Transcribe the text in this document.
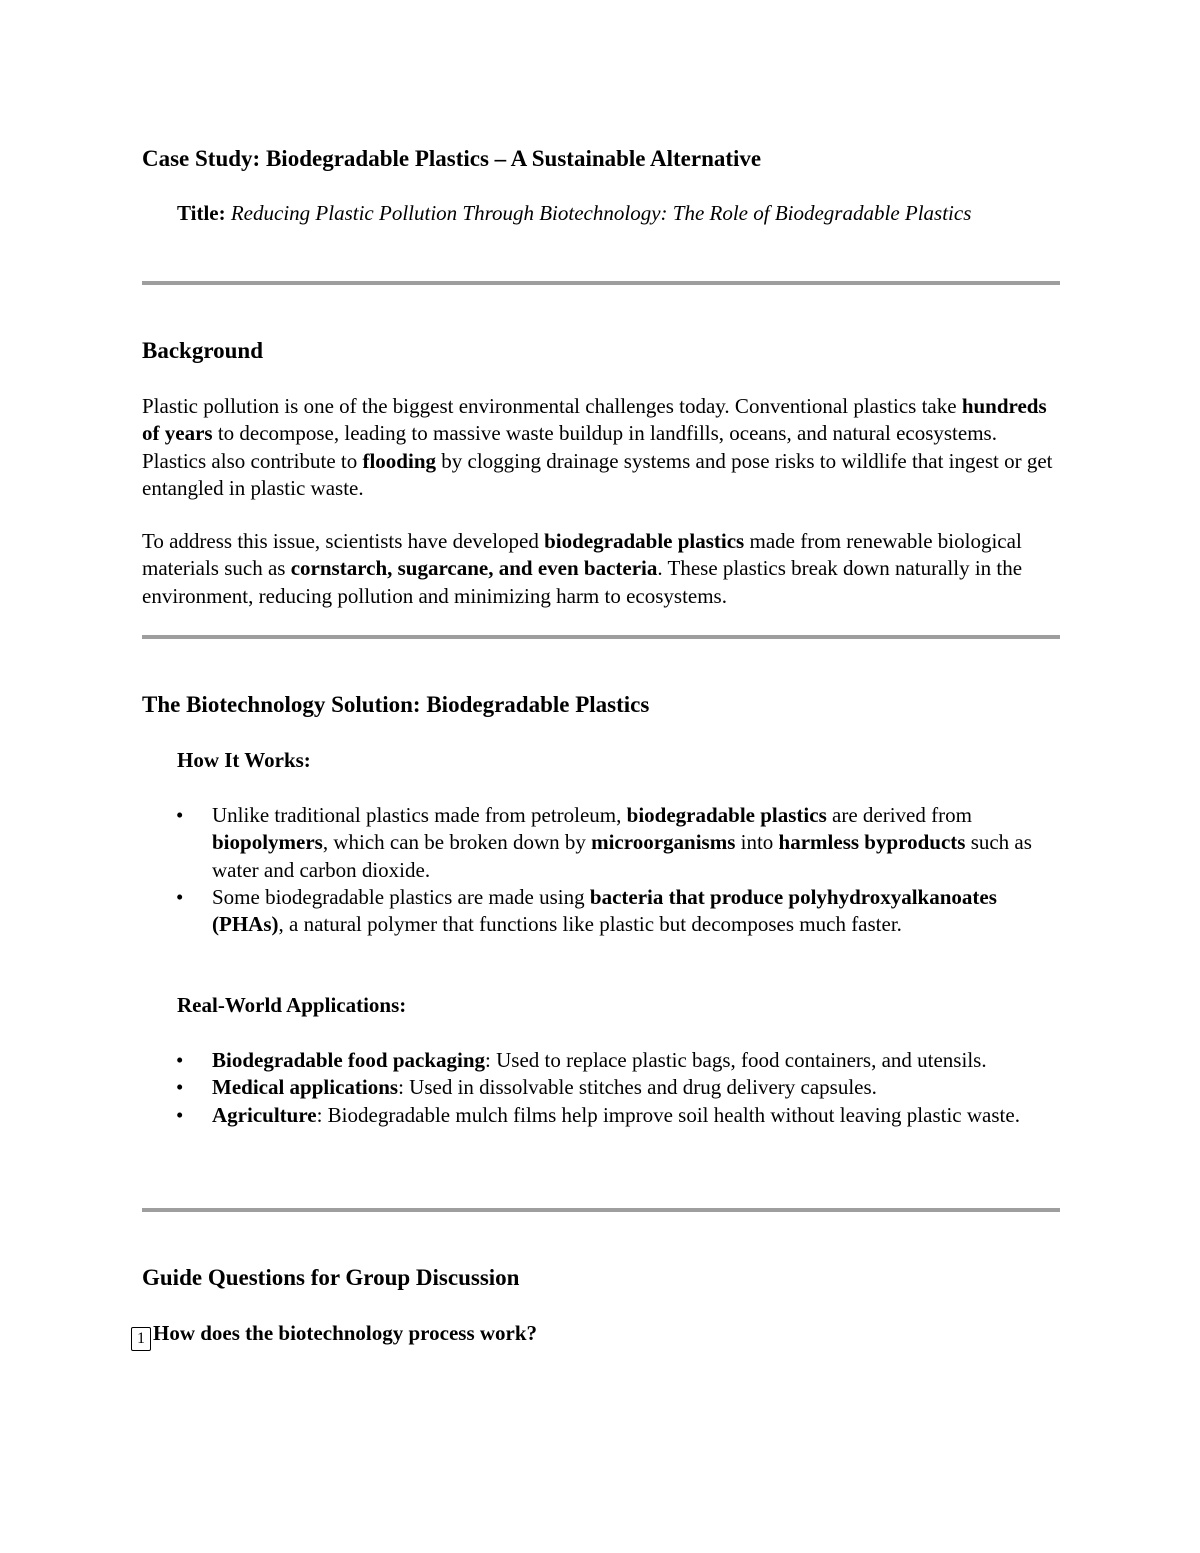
Case Study: Biodegradable Plastics – A Sustainable Alternative

Title: Reducing Plastic Pollution Through Biotechnology: The Role of Biodegradable Plastics

Background

Plastic pollution is one of the biggest environmental challenges today. Conventional plastics take hundreds of years to decompose, leading to massive waste buildup in landfills, oceans, and natural ecosystems. Plastics also contribute to flooding by clogging drainage systems and pose risks to wildlife that ingest or get entangled in plastic waste.

To address this issue, scientists have developed biodegradable plastics made from renewable biological materials such as cornstarch, sugarcane, and even bacteria. These plastics break down naturally in the environment, reducing pollution and minimizing harm to ecosystems.

The Biotechnology Solution: Biodegradable Plastics
How It Works:
• Unlike traditional plastics made from petroleum, biodegradable plastics are derived from biopolymers, which can be broken down by microorganisms into harmless byproducts such as water and carbon dioxide.
• Some biodegradable plastics are made using bacteria that produce polyhydroxyalkanoates (PHAs), a natural polymer that functions like plastic but decomposes much faster.
Real-World Applications:
• Biodegradable food packaging: Used to replace plastic bags, food containers, and utensils.
• Medical applications: Used in dissolvable stitches and drug delivery capsules.
• Agriculture: Biodegradable mulch films help improve soil health without leaving plastic waste.
Guide Questions for Group Discussion

1 How does the biotechnology process work?
